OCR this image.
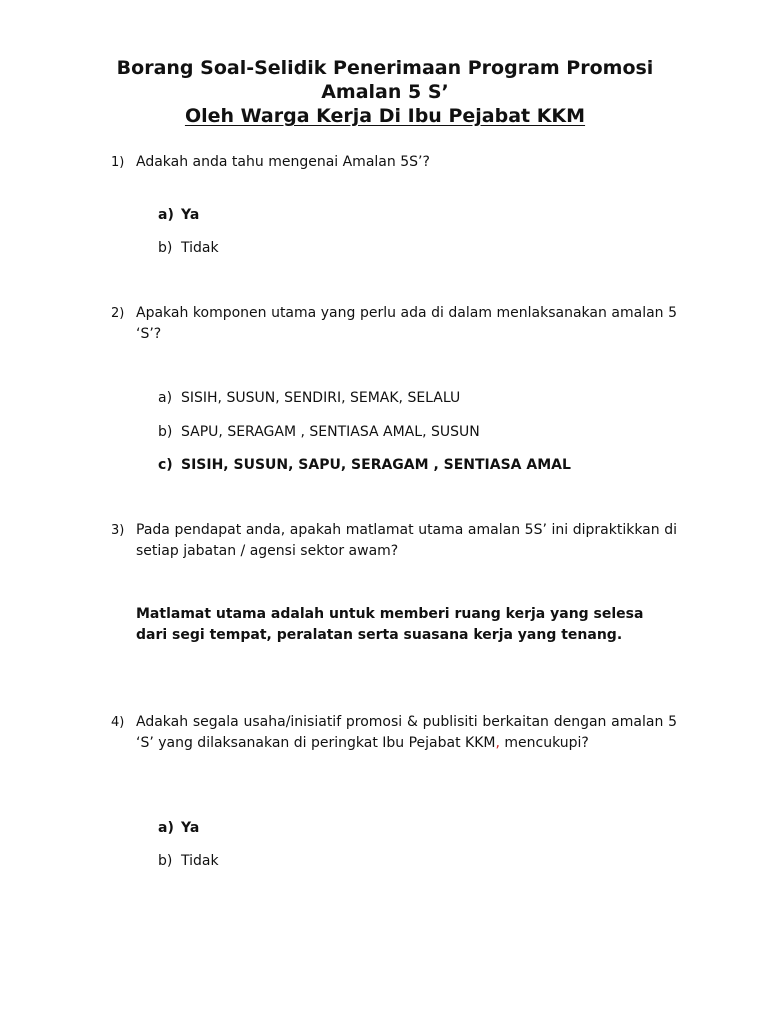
Borang Soal-Selidik Penerimaan Program Promosi
Amalan 5 S’
Oleh Warga Kerja Di Ibu Pejabat KKM
1) Adakah anda tahu mengenai Amalan 5S’?
a) Ya
b) Tidak
2) Apakah komponen utama yang perlu ada di dalam menlaksanakan amalan 5 ‘S’?
a) SISIH, SUSUN, SENDIRI, SEMAK, SELALU
b) SAPU, SERAGAM , SENTIASA AMAL, SUSUN
c) SISIH, SUSUN, SAPU, SERAGAM , SENTIASA AMAL
3) Pada pendapat anda, apakah matlamat utama amalan 5S’ ini dipraktikkan di setiap jabatan / agensi sektor awam?
Matlamat utama adalah untuk memberi ruang kerja yang selesa dari segi tempat, peralatan serta suasana kerja yang tenang.
4) Adakah segala usaha/inisiatif promosi & publisiti berkaitan dengan amalan 5 ‘S’ yang dilaksanakan di peringkat Ibu Pejabat KKM, mencukupi?
a) Ya
b) Tidak
